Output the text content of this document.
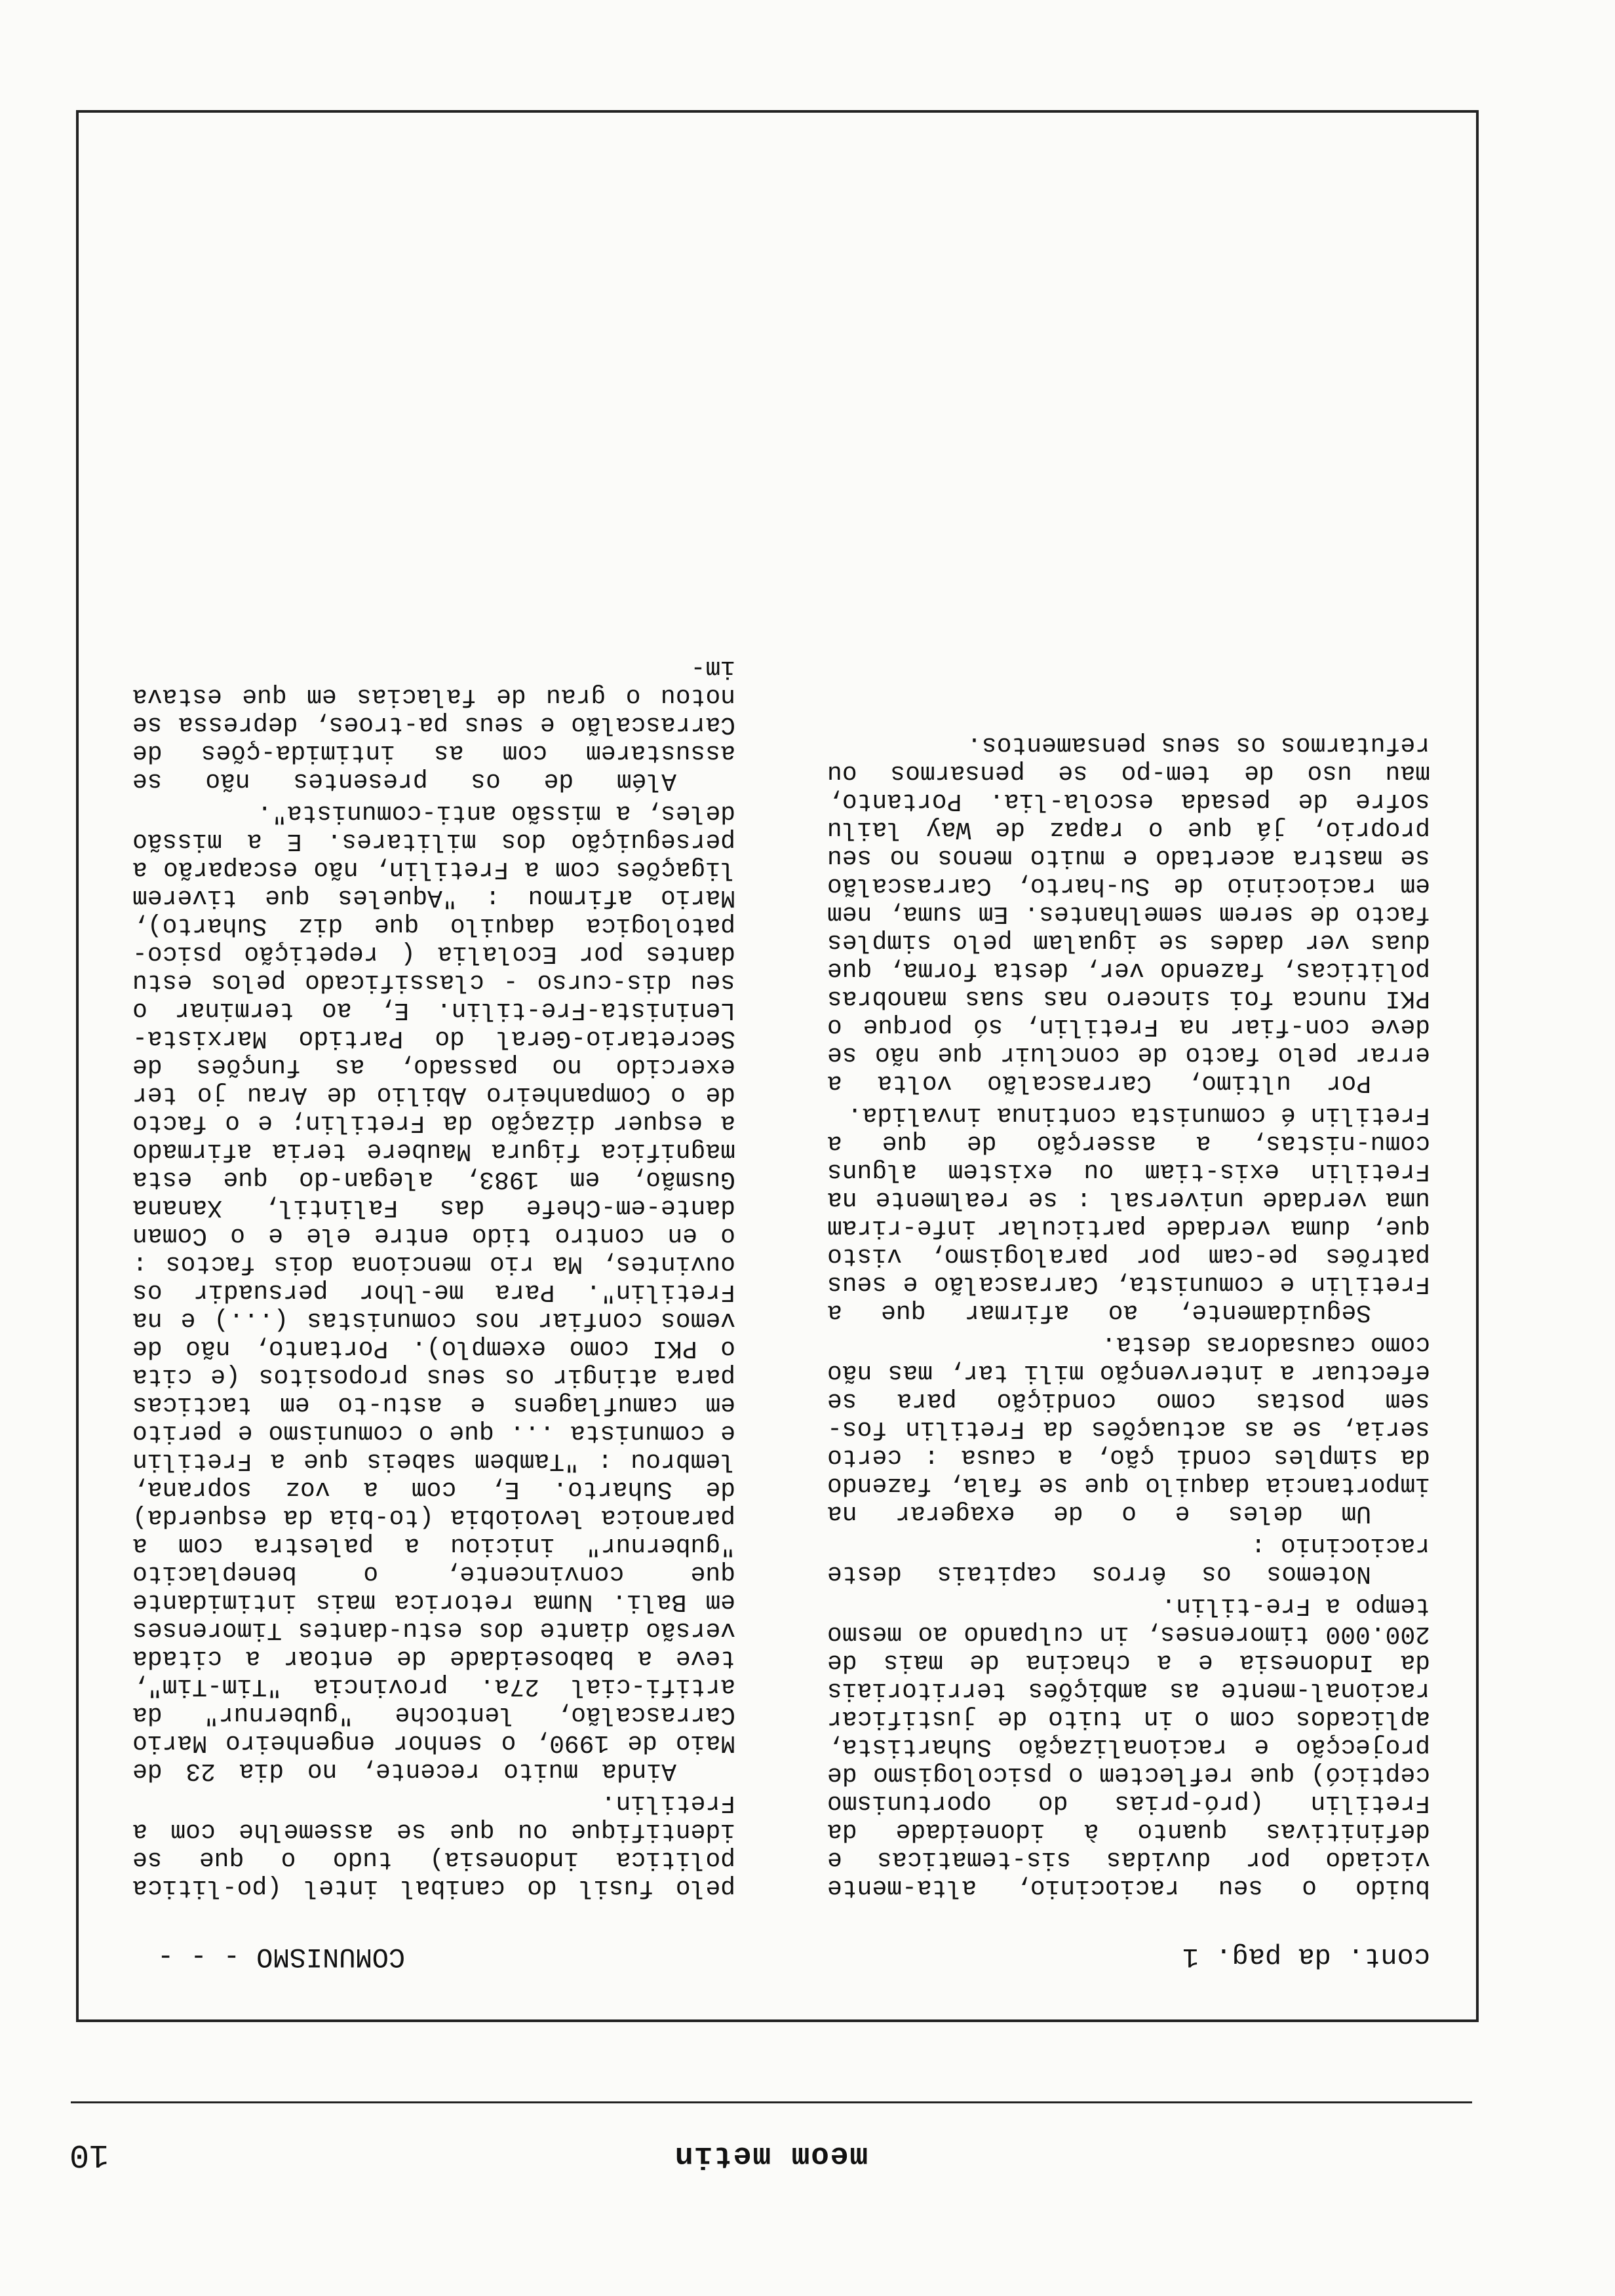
meom metin
10
cont. da pag. 1
COMUNISMO - - -

buido o seu raciocinio, alta-mente viciado por duvidas sis-tematicas e definitivas quanto à idoneidade da Fretilin (pró-prias do oportunismo cepticó) que reflectem o psicologismo de projecção e racionalização Suhartista, aplicados com o in tuito de justificar racional-mente as ambições territoriais da Indonesia e a chacina de mais de 200.000 timorenses, in culpando ao mesmo tempo a Fre-tilin.

Notemos os êrros capitais deste raciocinio :

Um deles e o de exagerar na importancia daquilo que se fala, fazendo da simples condi ção, a causa : certo seria, se as actuações da Fretilin fos-sem postas como condição para se efectuar a intervenção mili tar, mas não como causadoras desta.

Seguidamente, ao afirmar que a Fretilin e comunista, Carrascalão e seus patrões pe-cam por paralogismo, visto que, duma verdade particular infe-riram uma verdade universal : se realmente na Fretilin exis-tiam ou existem alguns comu-nistas, a asserção de que a Fretilin é comunista continua invalida.

Por ultimo, Carrascalão volta a errar pelo facto de concluir que não se deve con-fiar na Fretilin, só porque o PKI nunca foi sincero nas suas manobras politicas, fazendo ver, desta forma, que duas ver dades se igualam pelo simples facto de serem semelhantes. Em suma, nem em raciocinio de Su-harto, Carrascalão se mastra acertado e muito menos no seu proprio, já que o rapaz de Way lailu sofre de pesada escola-lia. Portanto, mau uso de tem-po se pensarmos ou refutarmos os seus pensamentos.

pelo fusil do canibal intel (po-litica politica indonesia) tudo o que se identifique ou que se assemelhe com a Fretilin.

Ainda muito recente, no dia 23 de Maio de 1990, o senhor engenheiro Mario Carrascalão, lentoche "gubernur" da artifi-cial 27a. provincia "Tim-Tim", teve a baboseidade de entoar a citada versão diante dos estu-dantes Timorenses em Bali. Numa retorica mais intimidante que convincente, o beneplacito "gubernur" iniciou a palestra com a paranoica levoiobia (to-bia da esquerda) de Suharto. E, com a voz soprana, lembrou : "Tambem sabeis que a Fretilin e comunista ... que o comunismo e perito em camuflagens e astu-to em tacticas para atingir os seus propositos (e cita o PKI como exemplo). Portanto, não de vemos confiar nos comunistas (...) e na Fretilin". Para me-lhor persuadir os ouvintes, Ma rio menciona dois factos : o en contro tido entre ele e o Coman dante-em-Chefe das Falintil, Xanana Gusmão, em 1983, alegan-do que esta magnifica figura Maubere teria afirmado a esquer dização da Fretilin; e o facto de o Companheiro Abilio de Arau jo ter exercido no passado, as funções de Secretario-Geral do Partido Marxista-Leninista-Fre-tilin. E, ao terminar o seu dis-curso - classificado pelos estu dantes por Ecolalia ( repetição psico-patologica daquilo que diz Suharto), Mario afirmou : "Aqueles que tiverem ligações com a Fretilin, não escaparão a perseguição dos militares. E a missão deles, a missão anti-comunista".

Além de os presentes não se assustarem com as intimida-ções de Carrascalão e seus pa-troes, depressa se notou o grau de falacias em que estava im-
